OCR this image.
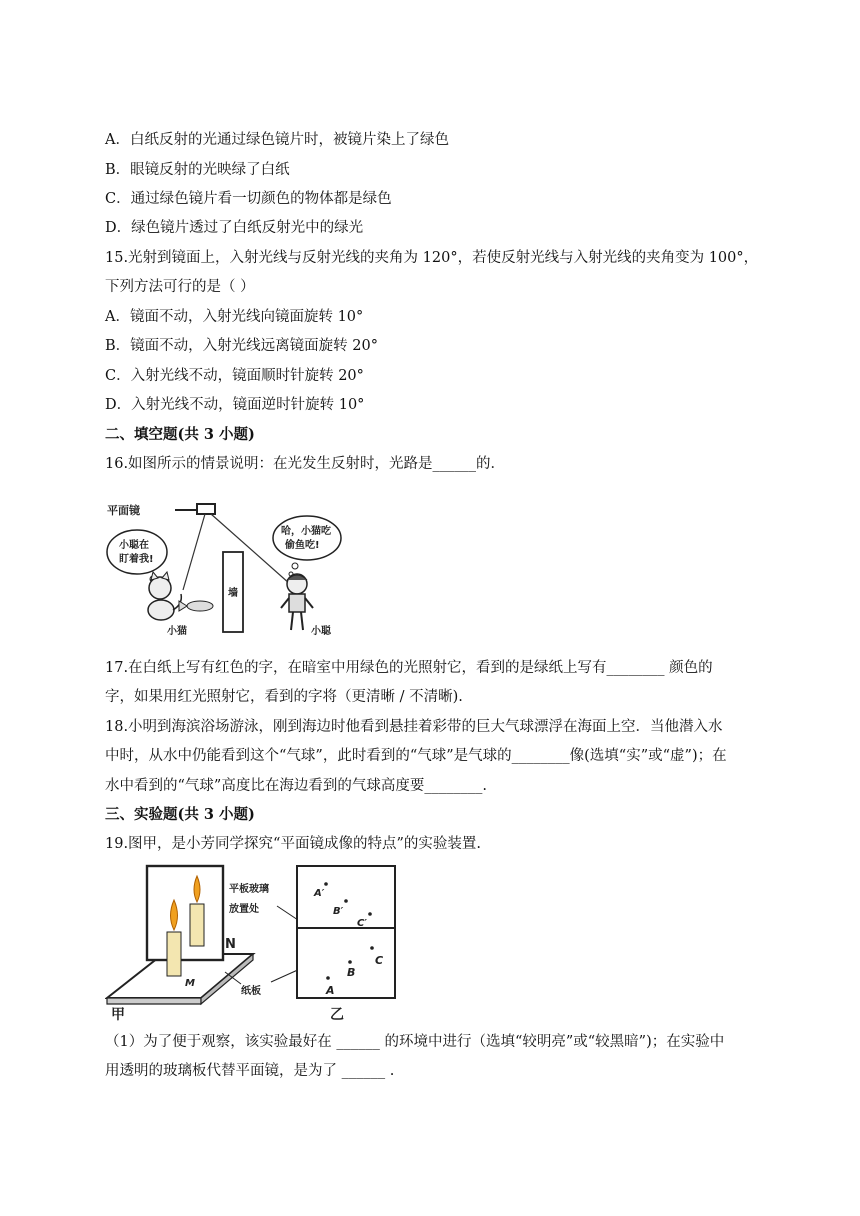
A．白纸反射的光通过绿色镜片时，被镜片染上了绿色
B．眼镜反射的光映绿了白纸
C．通过绿色镜片看一切颜色的物体都是绿色
D．绿色镜片透过了白纸反射光中的绿光
15.光射到镜面上，入射光线与反射光线的夹角为 120°，若使反射光线与入射光线的夹角变为 100°，
下列方法可行的是（ ）
A．镜面不动，入射光线向镜面旋转 10°
B．镜面不动，入射光线远离镜面旋转 20°
C．入射光线不动，镜面顺时针旋转 20°
D．入射光线不动，镜面逆时针旋转 10°
二、填空题(共 3 小题)
16.如图所示的情景说明：在光发生反射时，光路是______的．
平面镜
小聪在
盯着我!
小猫
墙
哈，小猫吃
偷鱼吃!
小聪
17.在白纸上写有红色的字，在暗室中用绿色的光照射它，看到的是绿纸上写有________ 颜色的
字，如果用红光照射它，看到的字将（更清晰 / 不清晰).
18.小明到海滨浴场游泳，刚到海边时他看到悬挂着彩带的巨大气球漂浮在海面上空．当他潜入水
中时，从水中仍能看到这个“气球”，此时看到的“气球”是气球的________像(选填“实”或“虚”)；在
水中看到的“气球”高度比在海边看到的气球高度要________.
三、实验题(共 3 小题)
19.图甲，是小芳同学探究“平面镜成像的特点”的实验装置.
N
M
甲
平板玻璃
放置处
纸板
A′
B′
C′
C
B
A
乙
（1）为了便于观察，该实验最好在 ______ 的环境中进行（选填“较明亮”或“较黑暗”)；在实验中
用透明的玻璃板代替平面镜，是为了 ______ .
